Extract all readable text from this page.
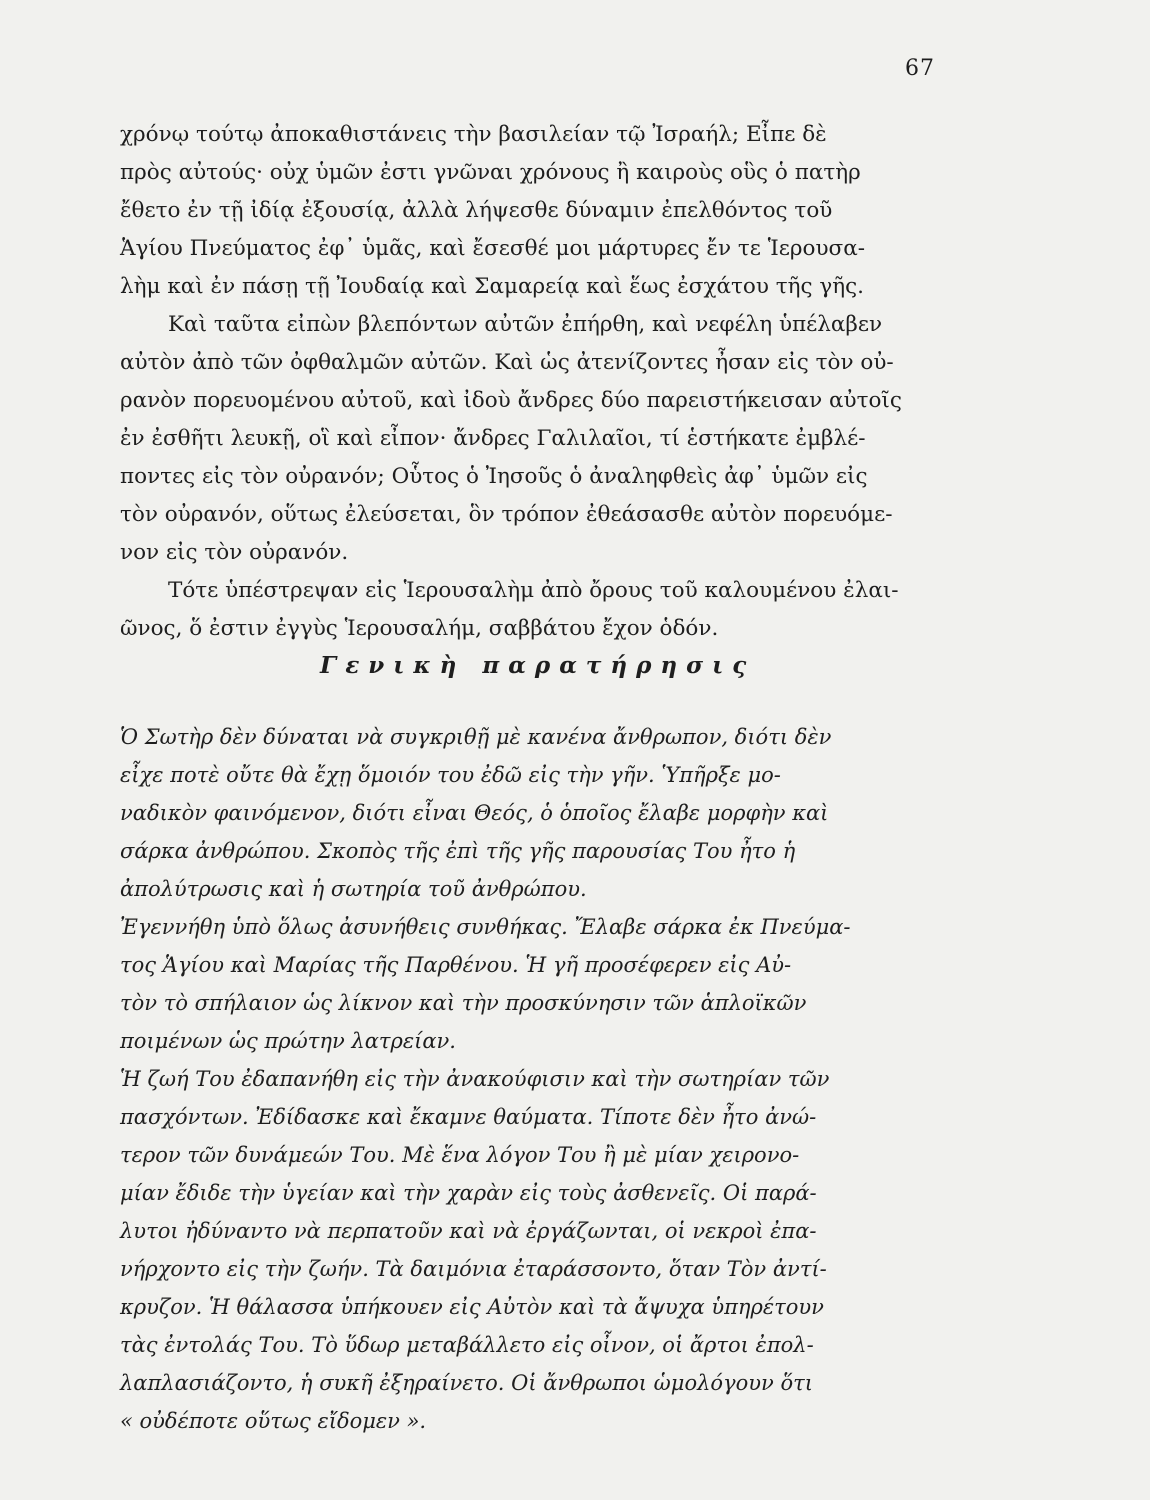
67
χρόνῳ τούτῳ ἀποκαθιστάνεις τὴν βασιλείαν τῷ Ἰσραήλ; Εἶπε δὲ
πρὸς αὐτούς· οὐχ ὑμῶν ἐστι γνῶναι χρόνους ἢ καιροὺς οὓς ὁ πατὴρ
ἔθετο ἐν τῇ ἰδίᾳ ἐξουσίᾳ, ἀλλὰ λήψεσθε δύναμιν ἐπελθόντος τοῦ
Ἁγίου Πνεύματος ἐφ᾽ ὑμᾶς, καὶ ἔσεσθέ μοι μάρτυρες ἔν τε Ἱερουσα-
λὴμ καὶ ἐν πάσῃ τῇ Ἰουδαίᾳ καὶ Σαμαρείᾳ καὶ ἕως ἐσχάτου τῆς γῆς.
Καὶ ταῦτα εἰπὼν βλεπόντων αὐτῶν ἐπήρθη, καὶ νεφέλη ὑπέλαβεν
αὐτὸν ἀπὸ τῶν ὀφθαλμῶν αὐτῶν. Καὶ ὡς ἀτενίζοντες ἦσαν εἰς τὸν οὐ-
ρανὸν πορευομένου αὐτοῦ, καὶ ἰδοὺ ἄνδρες δύο παρειστήκεισαν αὐτοῖς
ἐν ἐσθῆτι λευκῇ, οἳ καὶ εἶπον· ἄνδρες Γαλιλαῖοι, τί ἑστήκατε ἐμβλέ-
ποντες εἰς τὸν οὐρανόν; Οὗτος ὁ Ἰησοῦς ὁ ἀναληφθεὶς ἀφ᾽ ὑμῶν εἰς
τὸν οὐρανόν, οὕτως ἐλεύσεται, ὃν τρόπον ἐθεάσασθε αὐτὸν πορευόμε-
νον εἰς τὸν οὐρανόν.
Τότε ὑπέστρεψαν εἰς Ἱερουσαλὴμ ἀπὸ ὄρους τοῦ καλουμένου ἐλαι-
ῶνος, ὅ ἐστιν ἐγγὺς Ἱερουσαλήμ, σαββάτου ἔχον ὁδόν.
Γενικὴ παρατήρησις
Ὁ Σωτὴρ δὲν δύναται νὰ συγκριθῇ μὲ κανένα ἄνθρωπον, διότι δὲν
εἶχε ποτὲ οὔτε θὰ ἔχῃ ὅμοιόν του ἐδῶ εἰς τὴν γῆν. Ὑπῆρξε μο-
ναδικὸν φαινόμενον, διότι εἶναι Θεός, ὁ ὁποῖος ἔλαβε μορφὴν καὶ
σάρκα ἀνθρώπου. Σκοπὸς τῆς ἐπὶ τῆς γῆς παρουσίας Του ἦτο ἡ
ἀπολύτρωσις καὶ ἡ σωτηρία τοῦ ἀνθρώπου.
Ἐγεννήθη ὑπὸ ὅλως ἀσυνήθεις συνθήκας. Ἔλαβε σάρκα ἐκ Πνεύμα-
τος Ἁγίου καὶ Μαρίας τῆς Παρθένου. Ἡ γῆ προσέφερεν εἰς Αὐ-
τὸν τὸ σπήλαιον ὡς λίκνον καὶ τὴν προσκύνησιν τῶν ἁπλοϊκῶν
ποιμένων ὡς πρώτην λατρείαν.
Ἡ ζωή Του ἐδαπανήθη εἰς τὴν ἀνακούφισιν καὶ τὴν σωτηρίαν τῶν
πασχόντων. Ἐδίδασκε καὶ ἔκαμνε θαύματα. Τίποτε δὲν ἦτο ἀνώ-
τερον τῶν δυνάμεών Του. Μὲ ἕνα λόγον Του ἢ μὲ μίαν χειρονο-
μίαν ἔδιδε τὴν ὑγείαν καὶ τὴν χαρὰν εἰς τοὺς ἀσθενεῖς. Οἱ παρά-
λυτοι ἠδύναντο νὰ περπατοῦν καὶ νὰ ἐργάζωνται, οἱ νεκροὶ ἐπα-
νήρχοντο εἰς τὴν ζωήν. Τὰ δαιμόνια ἐταράσσοντο, ὅταν Τὸν ἀντί-
κρυζον. Ἡ θάλασσα ὑπήκουεν εἰς Αὐτὸν καὶ τὰ ἄψυχα ὑπηρέτουν
τὰς ἐντολάς Του. Τὸ ὕδωρ μεταβάλλετο εἰς οἶνον, οἱ ἄρτοι ἐπολ-
λαπλασιάζοντο, ἡ συκῆ ἐξηραίνετο. Οἱ ἄνθρωποι ὡμολόγουν ὅτι
« οὐδέποτε οὕτως εἴδομεν ».
